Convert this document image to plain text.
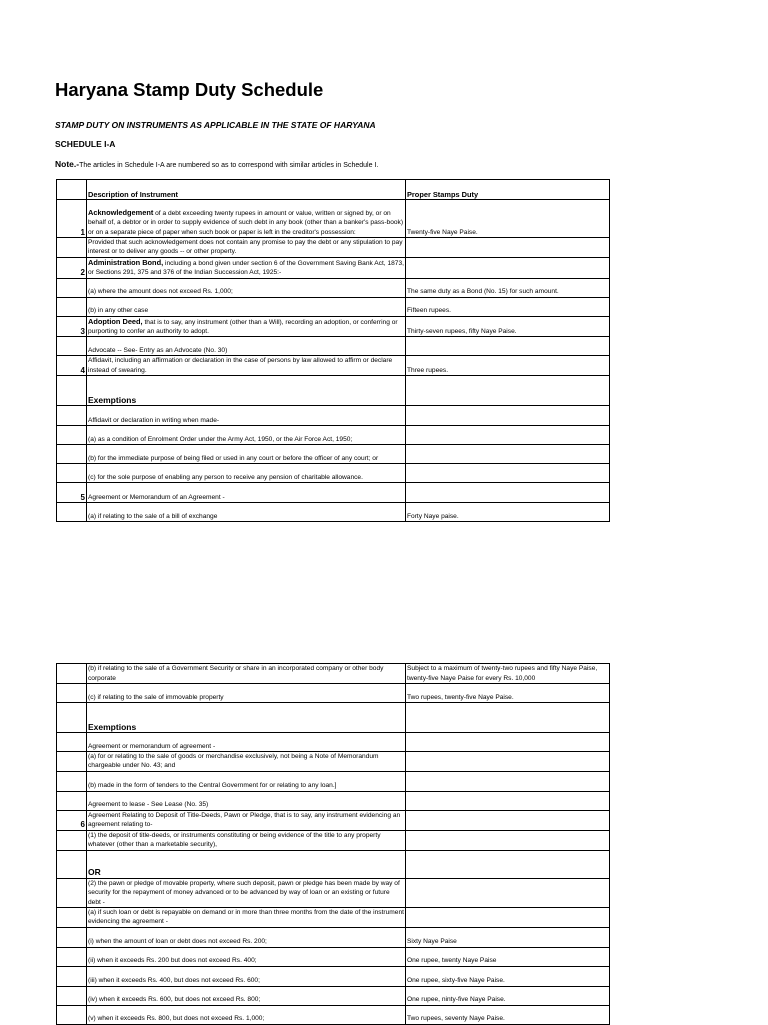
Haryana Stamp Duty Schedule
STAMP DUTY ON INSTRUMENTS AS APPLICABLE IN THE STATE OF HARYANA
SCHEDULE I-A
Note.-The articles in Schedule I-A are numbered so as to correspond with similar articles in Schedule I.
	Description of Instrument	Proper Stamps Duty
1	Acknowledgement of a debt exceeding twenty rupees in amount or value, written or signed by, or on behalf of, a debtor or in order to supply evidence of such debt in any book (other than a banker's pass-book) or on a separate piece of paper when such book or paper is left in the creditor's possession:	Twenty-five Naye Paise.
	Provided that such acknowledgement does not contain any promise to pay the debt or any stipulation to pay interest or to deliver any goods -- or other property.	
2	Administration Bond, including a bond given under section 6 of the Government Saving Bank Act, 1873, or Sections 291, 375 and 376 of the Indian Succession Act, 1925:-	
	(a) where the amount does not exceed Rs. 1,000;	The same duty as a Bond (No. 15) for such amount.
	(b) in any other case	Fifteen rupees.
3	Adoption Deed, that is to say, any instrument (other than a Will), recording an adoption, or conferring or purporting to confer an authority to adopt.	Thirty-seven rupees, fifty Naye Paise.
	Advocate -- See- Entry as an Advocate (No. 30)	
4	Affidavit, including an affirmation or declaration in the case of persons by law allowed to affirm or declare instead of swearing.	Three rupees.
	Exemptions	
	Affidavit or declaration in writing when made-	
	(a) as a condition of Enrolment Order under the Army Act, 1950, or the Air Force Act, 1950;	
	(b) for the immediate purpose of being filed or used in any court or before the officer of any court; or	
	(c) for the sole purpose of enabling any person to receive any pension of charitable allowance.	
5	Agreement or Memorandum of an Agreement -	
	(a) if relating to the sale of a bill of exchange	Forty Naye paise.
	(b) if relating to the sale of a Government Security or share in an incorporated company or other body corporate	Subject to a maximum of twenty-two rupees and fifty Naye Paise, twenty-five Naye Paise for every Rs. 10,000
	(c) if relating to the sale of immovable property	Two rupees, twenty-five Naye Paise.
	Exemptions	
	Agreement or memorandum of agreement -	
	(a) for or relating to the sale of goods or merchandise exclusively, not being a Note of Memorandum chargeable under No. 43; and	
	(b) made in the form of tenders to the Central Government for or relating to any loan.]	
	Agreement to lease - See Lease (No. 35)	
6	Agreement Relating to Deposit of Title-Deeds, Pawn or Pledge, that is to say, any instrument evidencing an agreement relating to-	
	(1) the deposit of title-deeds, or instruments constituting or being evidence of the title to any property whatever (other than a marketable security),	
	OR	
	(2) the pawn or pledge of movable property, where such deposit, pawn or pledge has been made by way of security for the repayment of money advanced or to be advanced by way of loan or an existing or future debt -	
	(a) if such loan or debt is repayable on demand or in more than three months from the date of the instrument evidencing the agreement -	
	(i) when the amount of loan or debt does not exceed Rs. 200;	Sixty Naye Paise
	(ii) when it exceeds Rs. 200 but does not exceed Rs. 400;	One rupee, twenty Naye Paise
	(iii) when it exceeds Rs. 400, but does not exceed Rs. 600;	One rupee, sixty-five Naye Paise.
	(iv) when it exceeds Rs. 600, but does not exceed Rs. 800;	One rupee, ninty-five Naye Paise.
	(v) when it exceeds Rs. 800, but does not exceed Rs. 1,000;	Two rupees, seventy Naye Paise.
